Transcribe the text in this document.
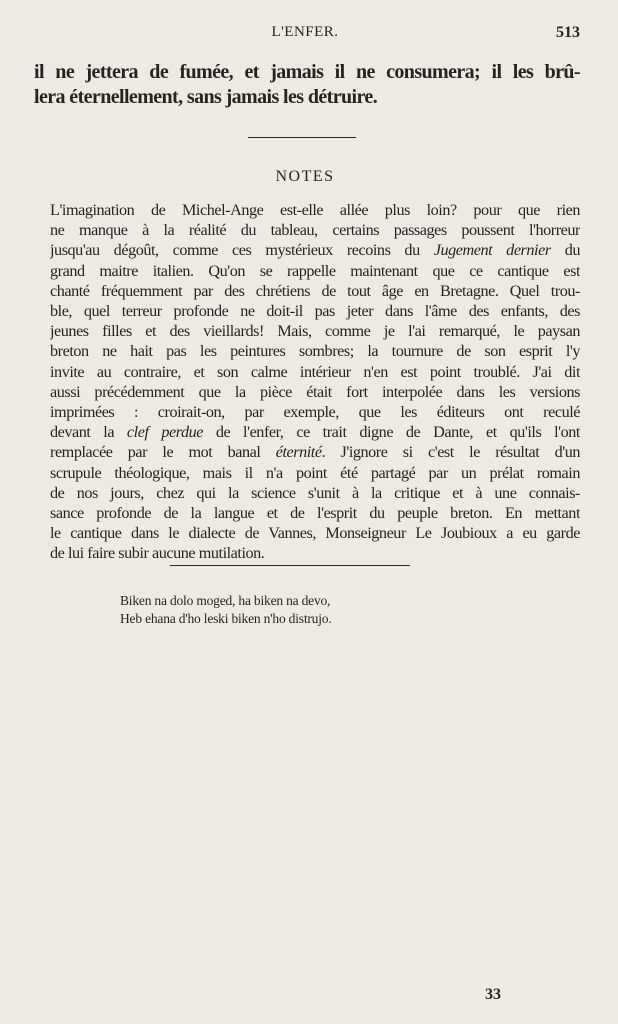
L'ENFER.	513
il ne jettera de fumée, et jamais il ne consumera; il les brû-
lera éternellement, sans jamais les détruire.
NOTES
L'imagination de Michel-Ange est-elle allée plus loin? pour que rien
ne manque à la réalité du tableau, certains passages poussent l'horreur
jusqu'au dégoût, comme ces mystérieux recoins du Jugement dernier du
grand maitre italien. Qu'on se rappelle maintenant que ce cantique est
chanté fréquemment par des chrétiens de tout âge en Bretagne. Quel trou-
ble, quel terreur profonde ne doit-il pas jeter dans l'âme des enfants, des
jeunes filles et des vieillards! Mais, comme je l'ai remarqué, le paysan
breton ne hait pas les peintures sombres; la tournure de son esprit l'y
invite au contraire, et son calme intérieur n'en est point troublé. J'ai dit
aussi précédemment que la pièce était fort interpolée dans les versions
imprimées : croirait-on, par exemple, que les éditeurs ont reculé
devant la clef perdue de l'enfer, ce trait digne de Dante, et qu'ils l'ont
remplacée par le mot banal éternité. J'ignore si c'est le résultat d'un
scrupule théologique, mais il n'a point été partagé par un prélat romain
de nos jours, chez qui la science s'unit à la critique et à une connais-
sance profonde de la langue et de l'esprit du peuple breton. En mettant
le cantique dans le dialecte de Vannes, Monseigneur Le Joubioux a eu garde
de lui faire subir aucune mutilation.
Biken na dolo moged, ha biken na devo,
Heb ehana d'ho leski biken n'ho distrujo.
33
